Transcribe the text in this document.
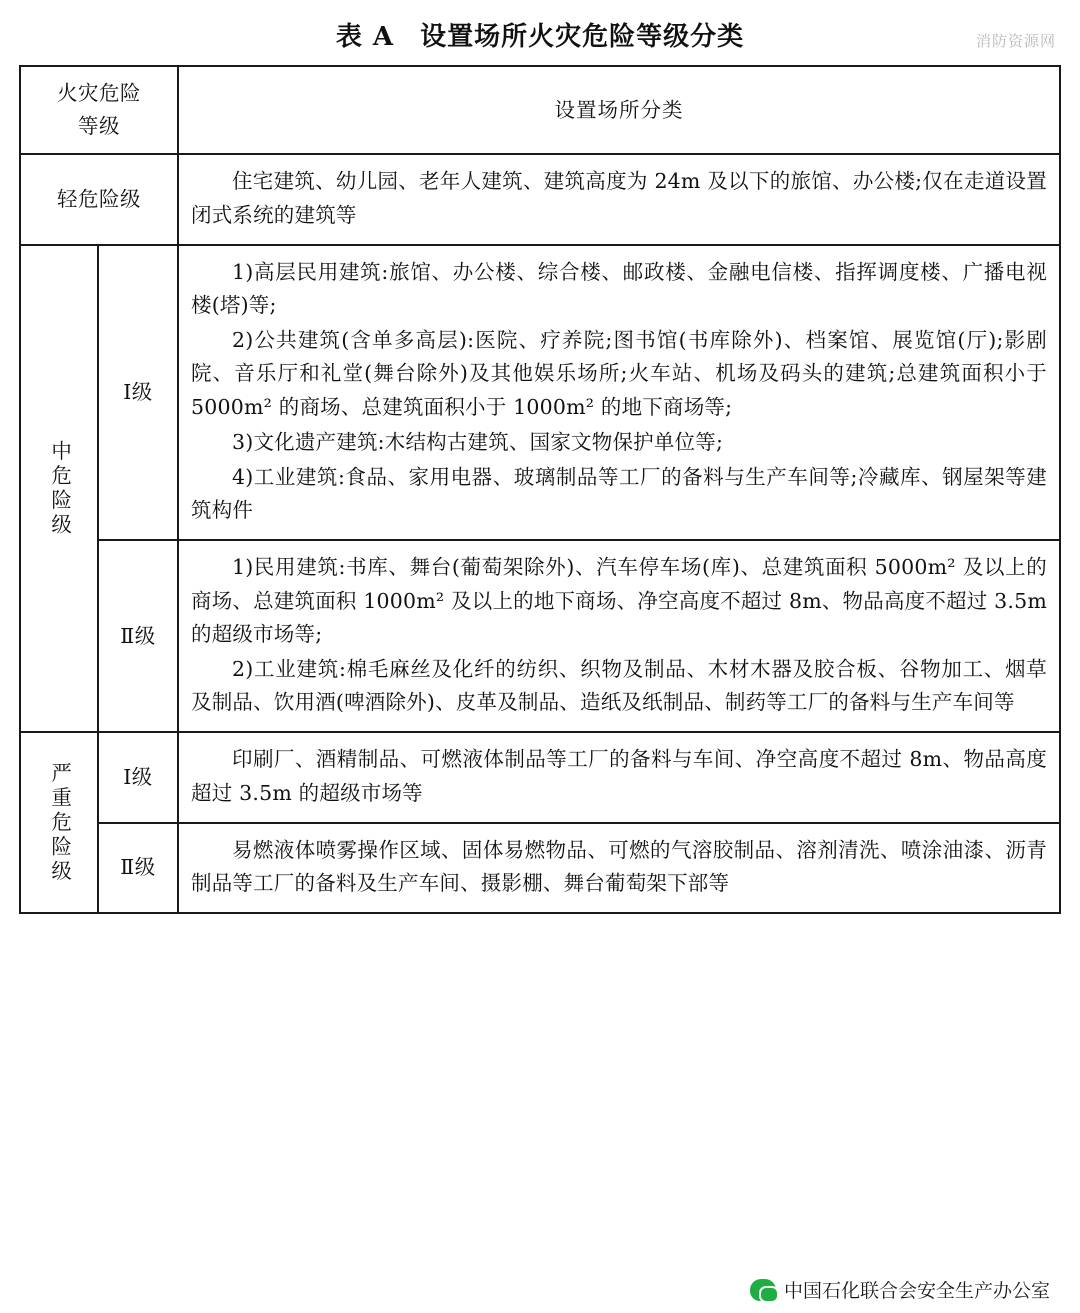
消防资源网
表 A 设置场所火灾危险等级分类
火灾危险
等级		设置场所分类
轻危险级		住宅建筑、幼儿园、老年人建筑、建筑高度为 24m 及以下的旅馆、办公楼;仅在走道设置闭式系统的建筑等

中危险级	Ⅰ级	1)高层民用建筑:旅馆、办公楼、综合楼、邮政楼、金融电信楼、指挥调度楼、广播电视楼(塔)等;

2)公共建筑(含单多高层):医院、疗养院;图书馆(书库除外)、档案馆、展览馆(厅);影剧院、音乐厅和礼堂(舞台除外)及其他娱乐场所;火车站、机场及码头的建筑;总建筑面积小于 5000m² 的商场、总建筑面积小于 1000m² 的地下商场等;

3)文化遗产建筑:木结构古建筑、国家文物保护单位等;

4)工业建筑:食品、家用电器、玻璃制品等工厂的备料与生产车间等;冷藏库、钢屋架等建筑构件

	Ⅱ级	1)民用建筑:书库、舞台(葡萄架除外)、汽车停车场(库)、总建筑面积 5000m² 及以上的商场、总建筑面积 1000m² 及以上的地下商场、净空高度不超过 8m、物品高度不超过 3.5m 的超级市场等;

2)工业建筑:棉毛麻丝及化纤的纺织、织物及制品、木材木器及胶合板、谷物加工、烟草及制品、饮用酒(啤酒除外)、皮革及制品、造纸及纸制品、制药等工厂的备料与生产车间等

严重危险级	Ⅰ级	印刷厂、酒精制品、可燃液体制品等工厂的备料与车间、净空高度不超过 8m、物品高度超过 3.5m 的超级市场等

	Ⅱ级	易燃液体喷雾操作区域、固体易燃物品、可燃的气溶胶制品、溶剂清洗、喷涂油漆、沥青制品等工厂的备料及生产车间、摄影棚、舞台葡萄架下部等

中国石化联合会安全生产办公室
